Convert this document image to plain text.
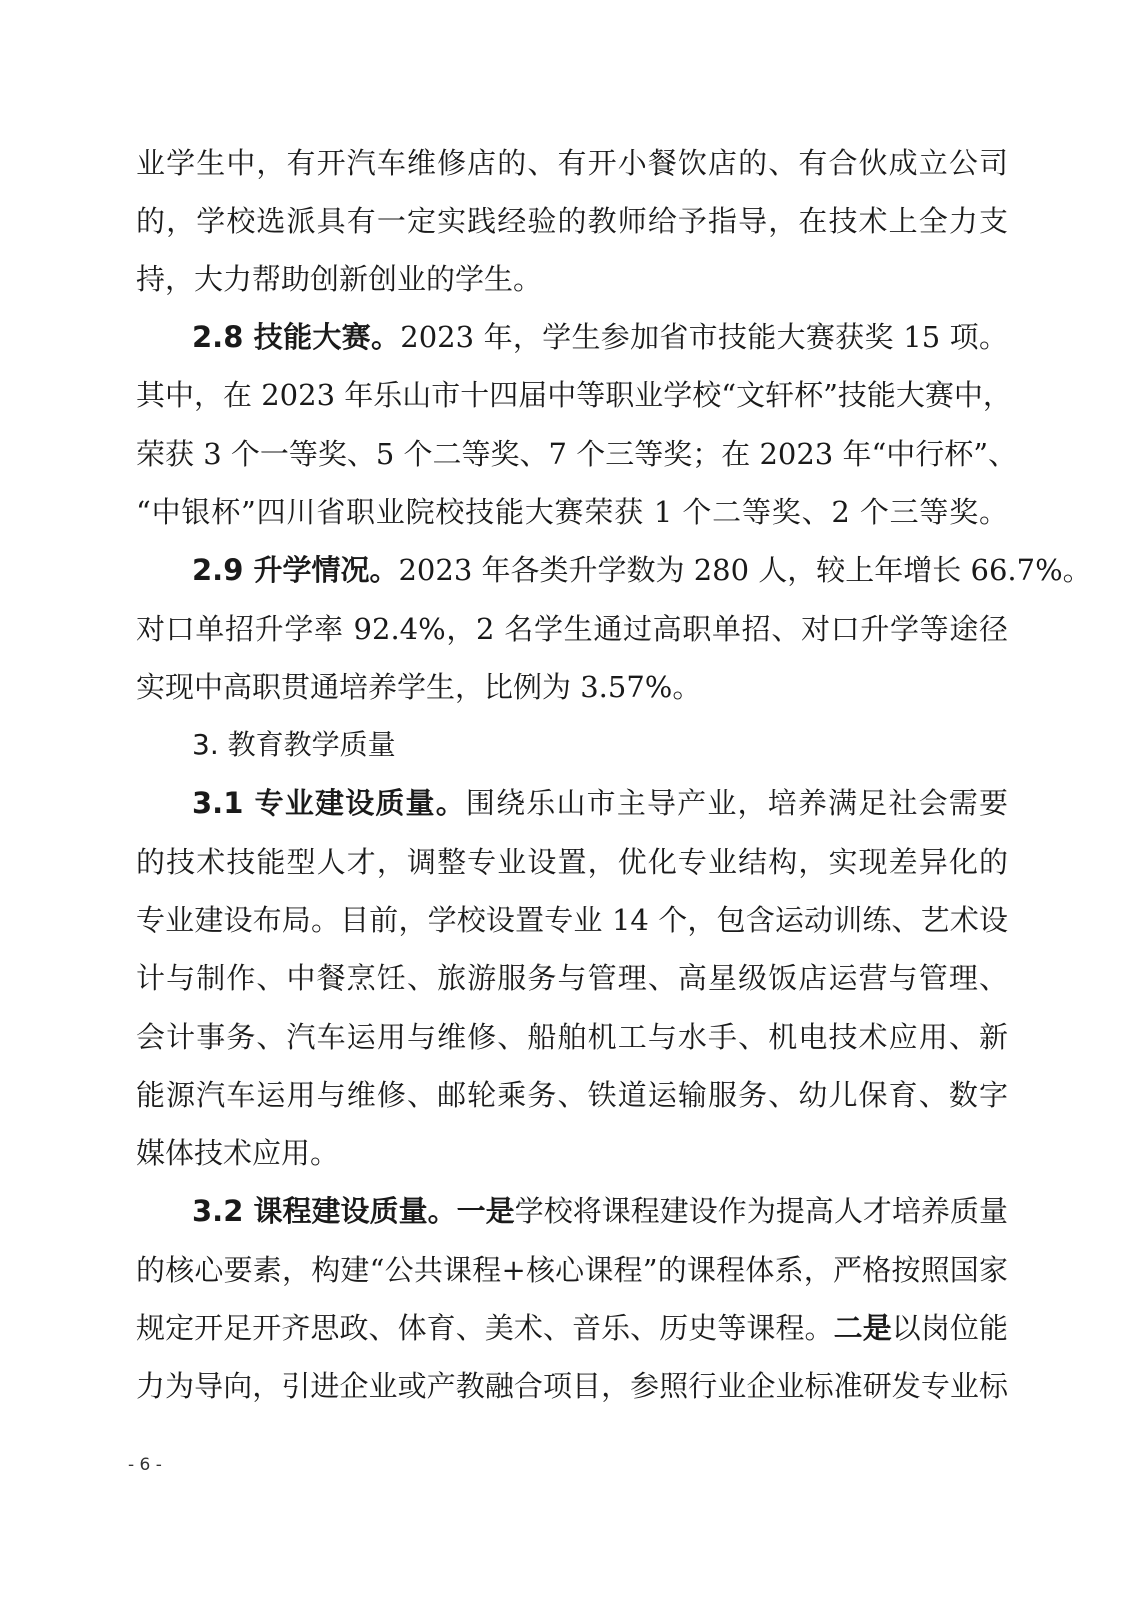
业学生中，有开汽车维修店的、有开小餐饮店的、有合伙成立公司
的，学校选派具有一定实践经验的教师给予指导，在技术上全力支
持，大力帮助创新创业的学生。
2.8 技能大赛。2023 年，学生参加省市技能大赛获奖 15 项。
其中，在 2023 年乐山市十四届中等职业学校“文轩杯”技能大赛中，
荣获 3 个一等奖、5 个二等奖、7 个三等奖；在 2023 年“中行杯”、
“中银杯”四川省职业院校技能大赛荣获 1 个二等奖、2 个三等奖。
2.9 升学情况。2023 年各类升学数为 280 人，较上年增长 66.7%。
对口单招升学率 92.4%，2 名学生通过高职单招、对口升学等途径
实现中高职贯通培养学生，比例为 3.57%。
3. 教育教学质量
3.1 专业建设质量。围绕乐山市主导产业，培养满足社会需要
的技术技能型人才，调整专业设置，优化专业结构，实现差异化的
专业建设布局。目前，学校设置专业 14 个，包含运动训练、艺术设
计与制作、中餐烹饪、旅游服务与管理、高星级饭店运营与管理、
会计事务、汽车运用与维修、船舶机工与水手、机电技术应用、新
能源汽车运用与维修、邮轮乘务、铁道运输服务、幼儿保育、数字
媒体技术应用。
3.2 课程建设质量。一是学校将课程建设作为提高人才培养质量
的核心要素，构建“公共课程+核心课程”的课程体系，严格按照国家
规定开足开齐思政、体育、美术、音乐、历史等课程。二是以岗位能
力为导向，引进企业或产教融合项目，参照行业企业标准研发专业标
- 6 -
